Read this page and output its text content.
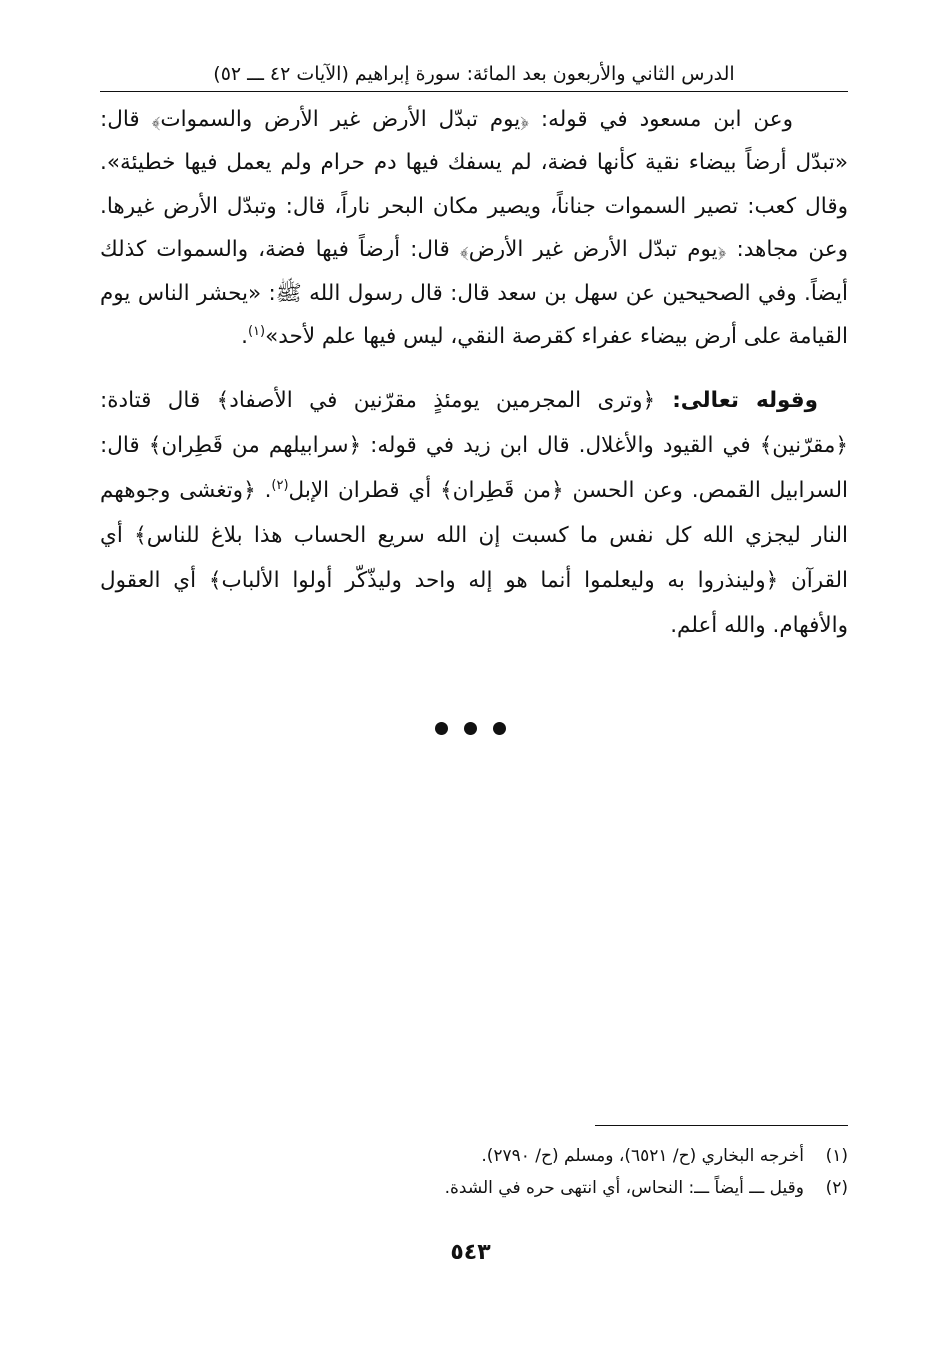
الدرس الثاني والأربعون بعد المائة: سورة إبراهيم (الآيات ٤٢ ـــ ٥٢)

وعن ابن مسعود في قوله: ﴿يوم تبدّل الأرض غير الأرض والسموات﴾ قال: «تبدّل أرضاً بيضاء نقية كأنها فضة، لم يسفك فيها دم حرام ولم يعمل فيها خطيئة». وقال كعب: تصير السموات جناناً، ويصير مكان البحر ناراً، قال: وتبدّل الأرض غيرها. وعن مجاهد: ﴿يوم تبدّل الأرض غير الأرض﴾ قال: أرضاً فيها فضة، والسموات كذلك أيضاً. وفي الصحيحين عن سهل بن سعد قال: قال رسول الله ﷺ: «يحشر الناس يوم القيامة على أرض بيضاء عفراء كقرصة النقي، ليس فيها علم لأحد»$^{(١)}$.

وقوله تعالى: ﴿وترى المجرمين يومئذٍ مقرّنين في الأصفاد﴾ قال قتادة: ﴿مقرّنين﴾ في القيود والأغلال. قال ابن زيد في قوله: ﴿سرابيلهم من قَطِران﴾ قال: السرابيل القمص. وعن الحسن ﴿من قَطِران﴾ أي قطران الإبل$^{(٢)}$. ﴿وتغشى وجوههم النار ليجزي الله كل نفس ما كسبت إن الله سريع الحساب هذا بلاغ للناس﴾ أي القرآن ﴿ولينذروا به وليعلموا أنما هو إله واحد وليذّكّر أولوا الألباب﴾ أي العقول والأفهام. والله أعلم.

(١)
أخرجه البخاري (ح/ ٦٥٢١)، ومسلم (ح/ ٢٧٩٠).
(٢)
وقيل ـــ أيضاً ـــ: النحاس، أي انتهى حره في الشدة.
٥٤٣
